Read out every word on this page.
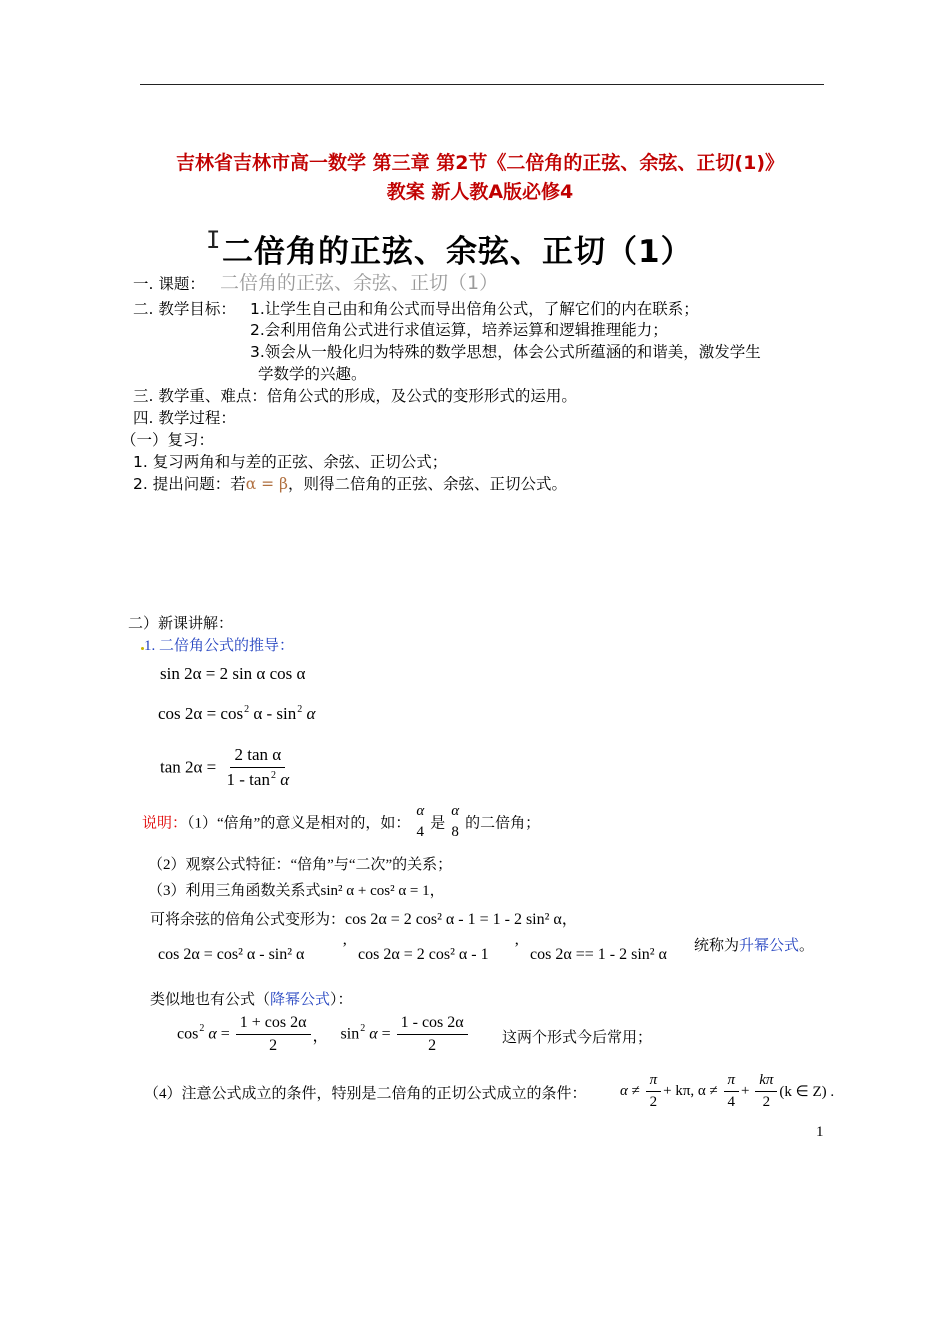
吉林省吉林市高一数学 第三章 第2节《二倍角的正弦、余弦、正切(1)》
教案 新人教A版必修4
I 二倍角的正弦、余弦、正切（1）
一. 课题： 二倍角的正弦、余弦、正切（1）
二. 教学目标： 1.让学生自己由和角公式而导出倍角公式，了解它们的内在联系；
2.会利用倍角公式进行求值运算，培养运算和逻辑推理能力；
3.领会从一般化归为特殊的数学思想，体会公式所蕴涵的和谐美，激发学生
学数学的兴趣。
三. 教学重、难点：倍角公式的形成，及公式的变形形式的运用。
四. 教学过程：
（一）复习：
1. 复习两角和与差的正弦、余弦、正切公式；
2. 提出问题：若α = β，则得二倍角的正弦、余弦、正切公式。
二）新课讲解：
1. 二倍角公式的推导：
sin 2α = 2 sin α cos α
$\cos 2\alpha = \cos^2 \alpha - \sin^2 \alpha$
$\tan 2\alpha = \frac{\text{2 tan α}}{1 - \tan^2 \alpha}$
说明：（1）“倍角”的意义是相对的，如：
α
4
是
α
8
的二倍角；
（2）观察公式特征：“倍角”与“二次”的关系；
（3）利用三角函数关系式sin² α + cos² α = 1，
可将余弦的倍角公式变形为：cos 2α = 2 cos² α - 1 = 1 - 2 sin² α，
cos 2α = cos² α - sin² α ’ cos 2α = 2 cos² α - 1 ’ cos 2α == 1 - 2 sin² α 统称为升幂公式。
类似地也有公式（降幂公式）：
$\cos^2 \alpha = \frac{1 + \cos 2\alpha}{2}$ ，   $\sin^2 \alpha = \frac{1 - \cos 2\alpha}{2}$ 这两个形式今后常用；
（4）注意公式成立的条件，特别是二倍角的正切公式成立的条件： $\alpha \ne \frac{\pi}{2} + k\pi$, $\alpha \ne \frac{\pi}{4} + \frac{k\pi}{2} (k$ ∈ Z) .
1
